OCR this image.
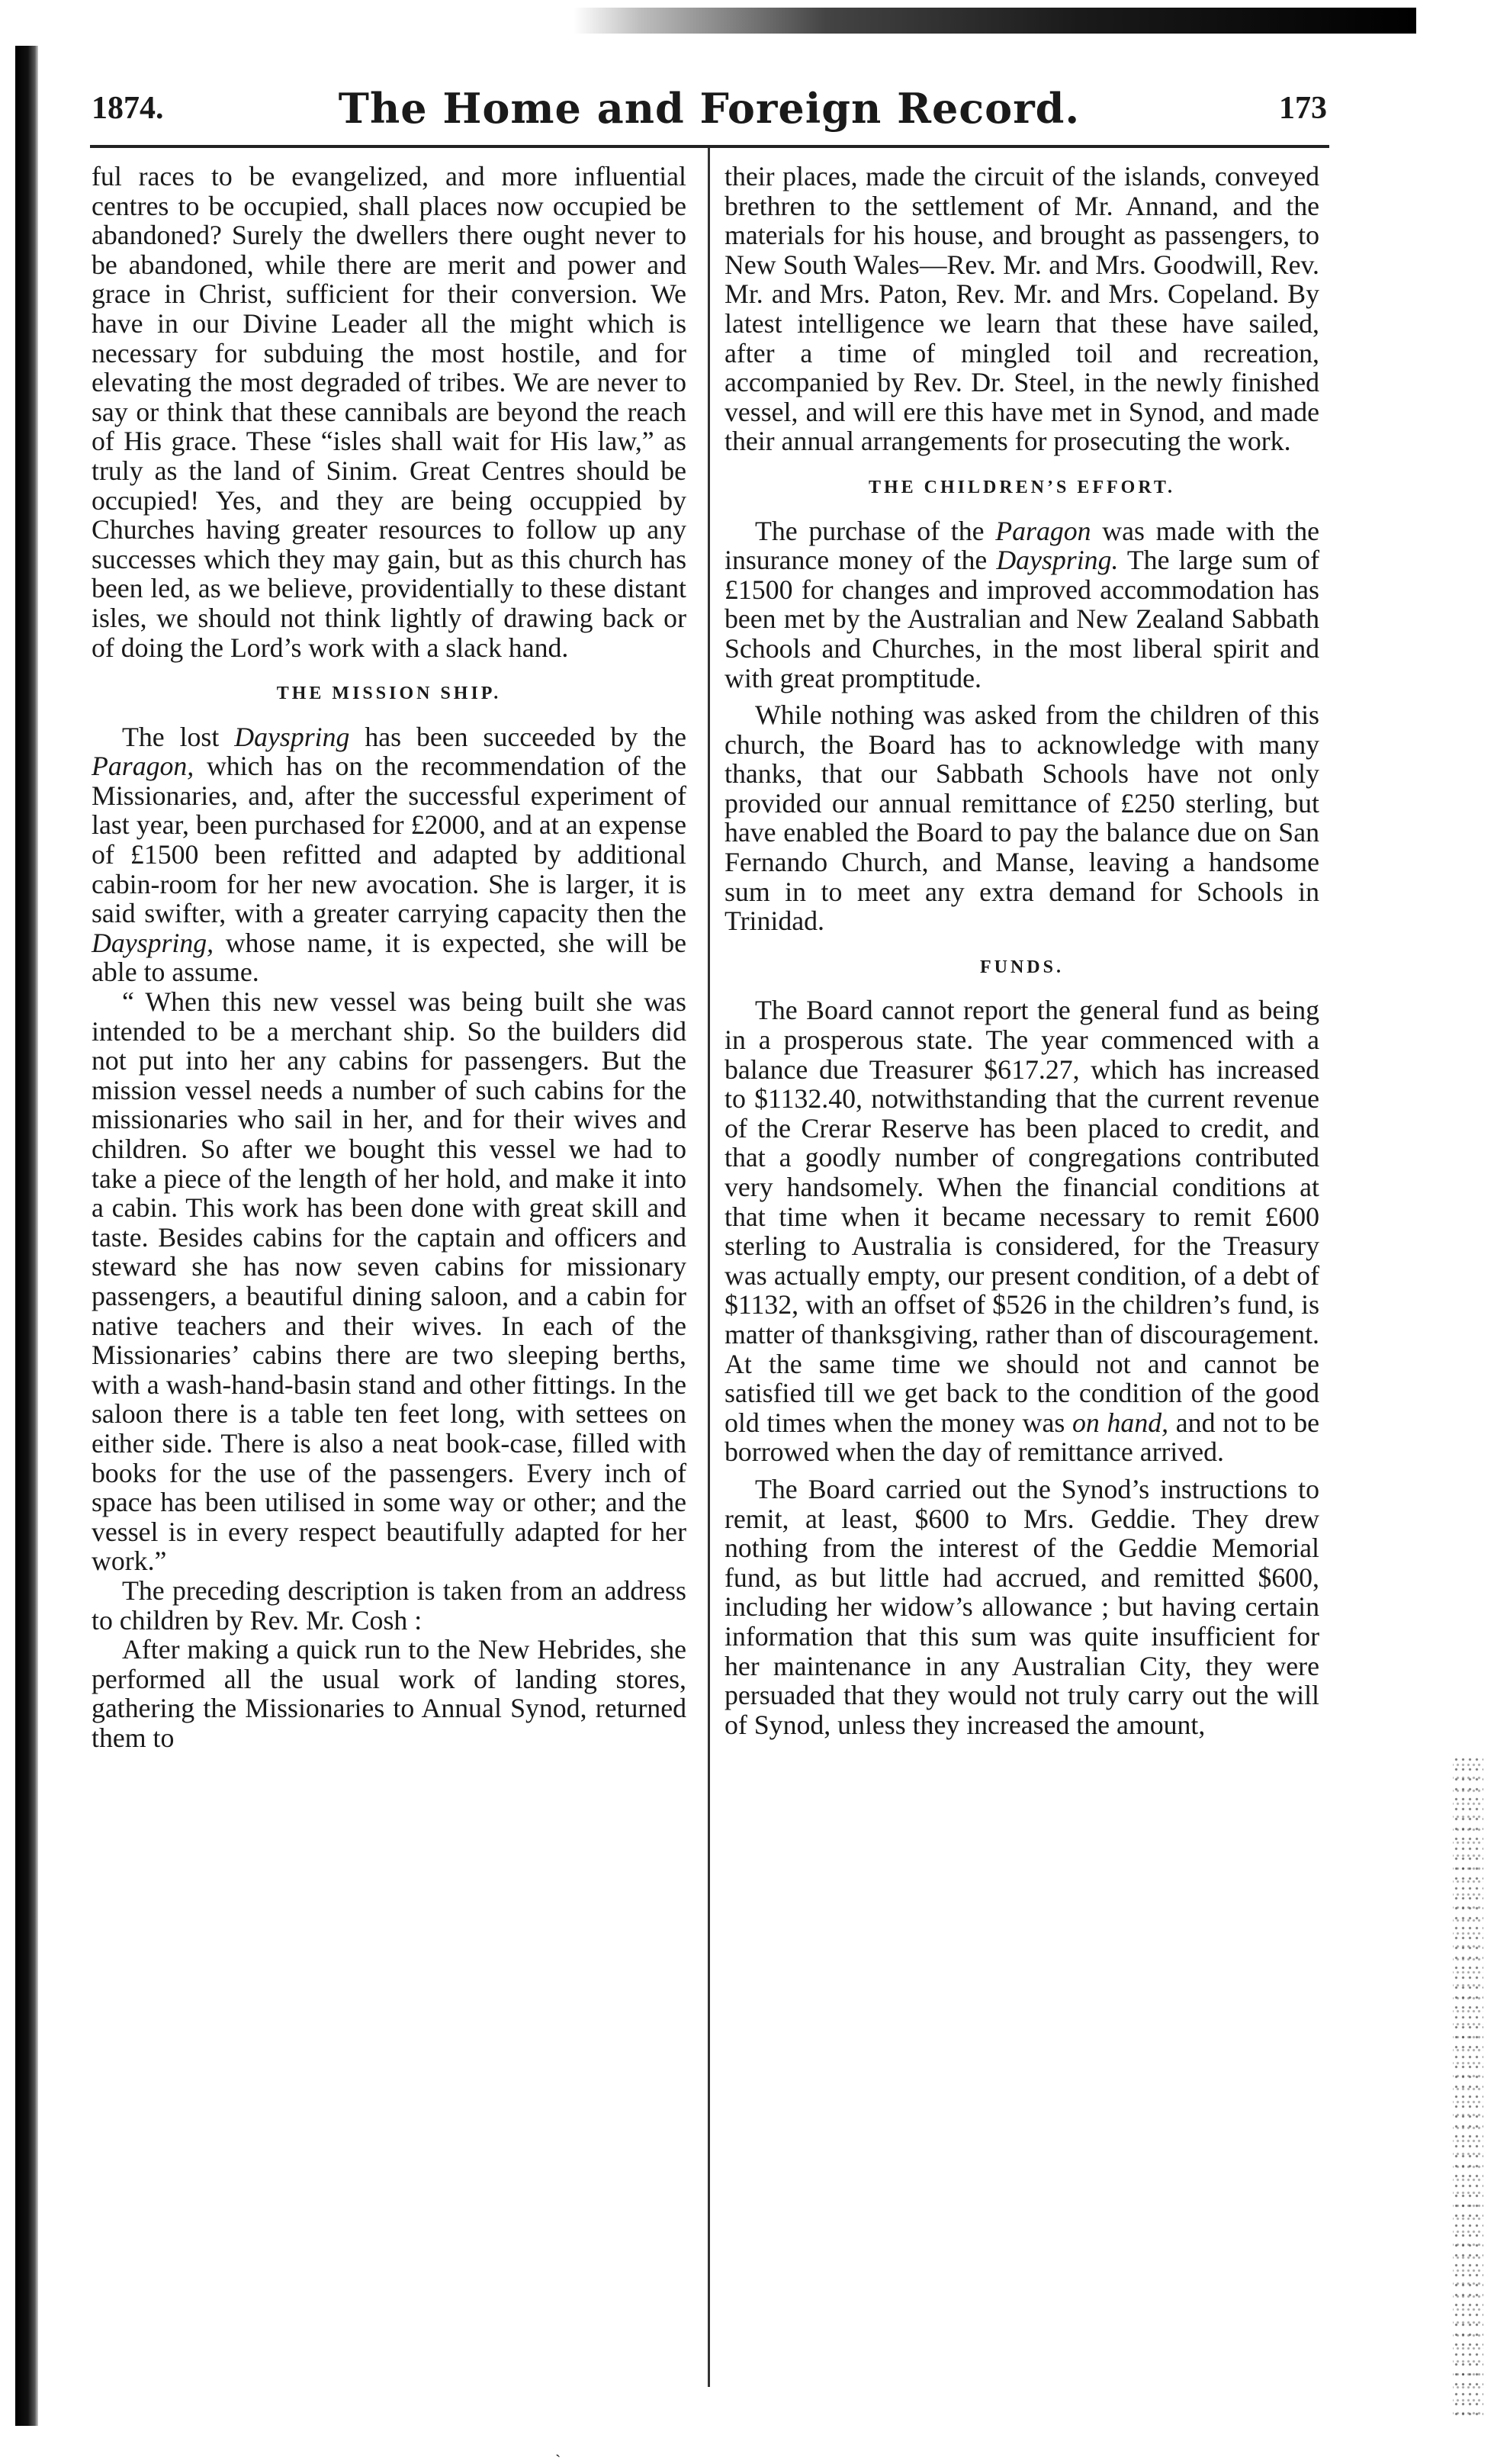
1874.	The Home and Foreign Record.	173

ful races to be evangelized, and more influential centres to be occupied, shall places now occupied be abandoned? Surely the dwellers there ought never to be abandoned, while there are merit and power and grace in Christ, sufficient for their conversion. We have in our Divine Leader all the might which is necessary for subduing the most hostile, and for elevating the most degraded of tribes. We are never to say or think that these cannibals are beyond the reach of His grace. These “isles shall wait for His law,” as truly as the land of Sinim. Great Centres should be occupied! Yes, and they are being occuppied by Churches having greater resources to follow up any successes which they may gain, but as this church has been led, as we believe, providentially to these distant isles, we should not think lightly of drawing back or of doing the Lord’s work with a slack hand.

THE MISSION SHIP.

The lost Dayspring has been succeeded by the Paragon, which has on the recommendation of the Missionaries, and, after the successful experiment of last year, been purchased for £2000, and at an expense of £1500 been refitted and adapted by additional cabin-room for her new avocation. She is larger, it is said swifter, with a greater carrying capacity then the Dayspring, whose name, it is expected, she will be able to assume.

“ When this new vessel was being built she was intended to be a merchant ship. So the builders did not put into her any cabins for passengers. But the mission vessel needs a number of such cabins for the missionaries who sail in her, and for their wives and children. So after we bought this vessel we had to take a piece of the length of her hold, and make it into a cabin. This work has been done with great skill and taste. Besides cabins for the captain and officers and steward she has now seven cabins for missionary passengers, a beautiful dining saloon, and a cabin for native teachers and their wives. In each of the Missionaries’ cabins there are two sleeping berths, with a wash-hand-basin stand and other fittings. In the saloon there is a table ten feet long, with settees on either side. There is also a neat book-case, filled with books for the use of the passengers. Every inch of space has been utilised in some way or other; and the vessel is in every respect beautifully adapted for her work.”

The preceding description is taken from an address to children by Rev. Mr. Cosh :

After making a quick run to the New Hebrides, she performed all the usual work of landing stores, gathering the Missionaries to Annual Synod, returned them to

their places, made the circuit of the islands, conveyed brethren to the settlement of Mr. Annand, and the materials for his house, and brought as passengers, to New South Wales—Rev. Mr. and Mrs. Goodwill, Rev. Mr. and Mrs. Paton, Rev. Mr. and Mrs. Copeland. By latest intelligence we learn that these have sailed, after a time of mingled toil and recreation, accompanied by Rev. Dr. Steel, in the newly finished vessel, and will ere this have met in Synod, and made their annual arrangements for prosecuting the work.

THE CHILDREN’S EFFORT.

The purchase of the Paragon was made with the insurance money of the Dayspring. The large sum of £1500 for changes and improved accommodation has been met by the Australian and New Zealand Sabbath Schools and Churches, in the most liberal spirit and with great promptitude.

While nothing was asked from the children of this church, the Board has to acknowledge with many thanks, that our Sabbath Schools have not only provided our annual remittance of £250 sterling, but have enabled the Board to pay the balance due on San Fernando Church, and Manse, leaving a handsome sum in to meet any extra demand for Schools in Trinidad.

FUNDS.

The Board cannot report the general fund as being in a prosperous state. The year commenced with a balance due Treasurer $617.27, which has increased to $1132.40, notwithstanding that the current revenue of the Crerar Reserve has been placed to credit, and that a goodly number of congregations contributed very handsomely. When the financial conditions at that time when it became necessary to remit £600 sterling to Australia is considered, for the Treasury was actually empty, our present condition, of a debt of $1132, with an offset of $526 in the children’s fund, is matter of thanksgiving, rather than of discouragement. At the same time we should not and cannot be satisfied till we get back to the condition of the good old times when the money was on hand, and not to be borrowed when the day of remittance arrived.

The Board carried out the Synod’s instructions to remit, at least, $600 to Mrs. Geddie. They drew nothing from the interest of the Geddie Memorial fund, as but little had accrued, and remitted $600, including her widow’s allowance ; but having certain information that this sum was quite insufficient for her maintenance in any Australian City, they were persuaded that they would not truly carry out the will of Synod, unless they increased the amount,

ˎ
